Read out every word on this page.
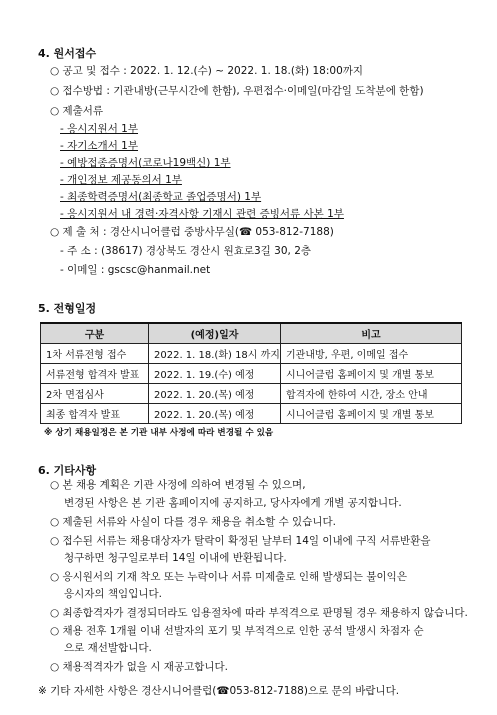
4. 원서접수
○ 공고 및 접수 : 2022. 1. 12.(수) ~ 2022. 1. 18.(화) 18:00까지
○ 접수방법 : 기관내방(근무시간에 한함), 우편접수·이메일(마감일 도착분에 한함)
○ 제출서류
- 응시지원서 1부
- 자기소개서 1부
- 예방접종증명서(코로나19백신) 1부
- 개인정보 제공동의서 1부
- 최종학력증명서(최종학교 졸업증명서) 1부
- 응시지원서 내 경력·자격사항 기재시 관련 증빙서류 사본 1부
○ 제 출 처 : 경산시니어클럽 중방사무실(☎ 053-812-7188)
- 주 소 : (38617) 경상북도 경산시 원효로3길 30, 2층
- 이메일 : gscsc@hanmail.net
5. 전형일정
구분	(예정)일자	비고
1차 서류전형 접수	2022. 1. 18.(화) 18시 까지	기관내방, 우편, 이메일 접수
서류전형 합격자 발표	2022. 1. 19.(수) 예정	시니어클럽 홈페이지 및 개별 통보
2차 면접심사	2022. 1. 20.(목) 예정	합격자에 한하여 시간, 장소 안내
최종 합격자 발표	2022. 1. 20.(목) 예정	시니어클럽 홈페이지 및 개별 통보
※ 상기 채용일정은 본 기관 내부 사정에 따라 변경될 수 있음
6. 기타사항
○ 본 채용 계획은 기관 사정에 의하여 변경될 수 있으며,
변경된 사항은 본 기관 홈페이지에 공지하고, 당사자에게 개별 공지합니다.
○ 제출된 서류와 사실이 다를 경우 채용을 취소할 수 있습니다.
○ 접수된 서류는 채용대상자가 탈락이 확정된 날부터 14일 이내에 구직 서류반환을
청구하면 청구일로부터 14일 이내에 반환됩니다.
○ 응시원서의 기재 착오 또는 누락이나 서류 미제출로 인해 발생되는 불이익은
응시자의 책임입니다.
○ 최종합격자가 결정되더라도 임용절차에 따라 부적격으로 판명될 경우 채용하지 않습니다.
○ 채용 전후 1개월 이내 선발자의 포기 및 부적격으로 인한 공석 발생시 차점자 순
으로 재선발합니다.
○ 채용적격자가 없을 시 재공고합니다.
※ 기타 자세한 사항은 경산시니어클럽(☎053-812-7188)으로 문의 바랍니다.
